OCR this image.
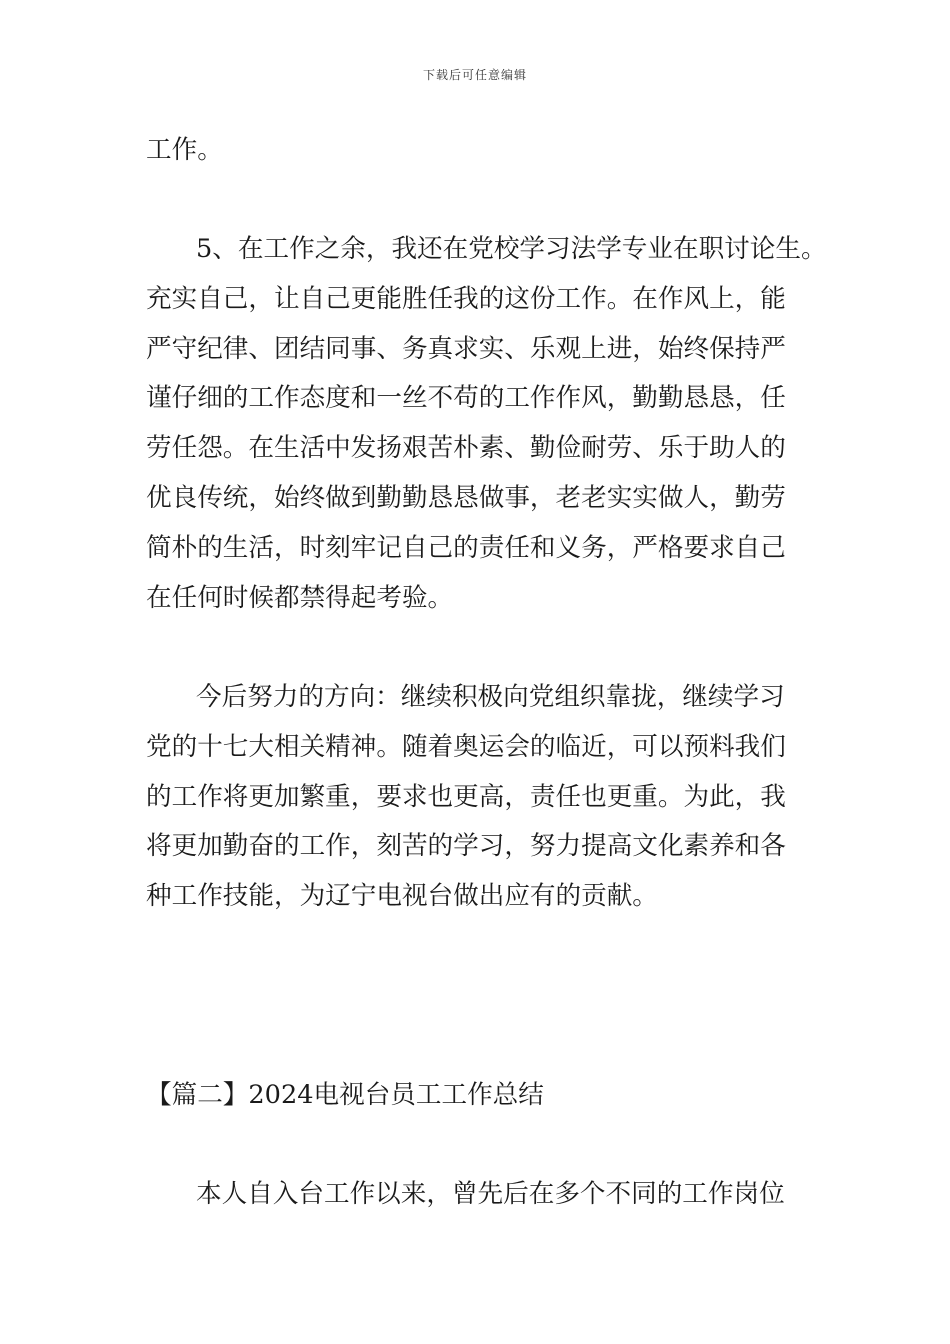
下载后可任意编辑
工作。
5、在工作之余，我还在党校学习法学专业在职讨论生。
充实自己，让自己更能胜任我的这份工作。在作风上，能
严守纪律、团结同事、务真求实、乐观上进，始终保持严
谨仔细的工作态度和一丝不苟的工作作风，勤勤恳恳，任
劳任怨。在生活中发扬艰苦朴素、勤俭耐劳、乐于助人的
优良传统，始终做到勤勤恳恳做事，老老实实做人，勤劳
简朴的生活，时刻牢记自己的责任和义务，严格要求自己
在任何时候都禁得起考验。
今后努力的方向：继续积极向党组织靠拢，继续学习
党的十七大相关精神。随着奥运会的临近，可以预料我们
的工作将更加繁重，要求也更高，责任也更重。为此，我
将更加勤奋的工作，刻苦的学习，努力提高文化素养和各
种工作技能，为辽宁电视台做出应有的贡献。
【篇二】2024电视台员工工作总结
本人自入台工作以来，曾先后在多个不同的工作岗位
